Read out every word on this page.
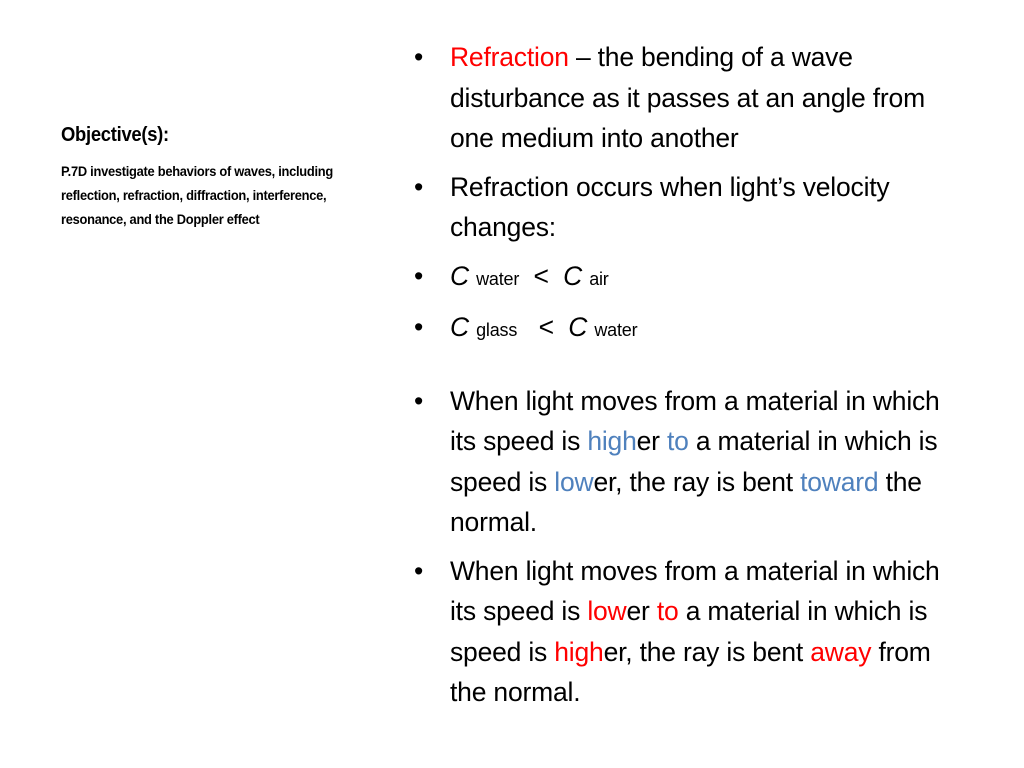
Objective(s):
P.7D investigate behaviors of waves, including reflection, refraction, diffraction, interference, resonance, and the Doppler effect
• Refraction – the bending of a wave disturbance as it passes at an angle from one medium into another
• Refraction occurs when light’s velocity changes:
• C water < C air
• C glass < C water
• When light moves from a material in which its speed is higher to a material in which is speed is lower, the ray is bent toward the normal.
• When light moves from a material in which its speed is lower to a material in which is speed is higher, the ray is bent away from the normal.
